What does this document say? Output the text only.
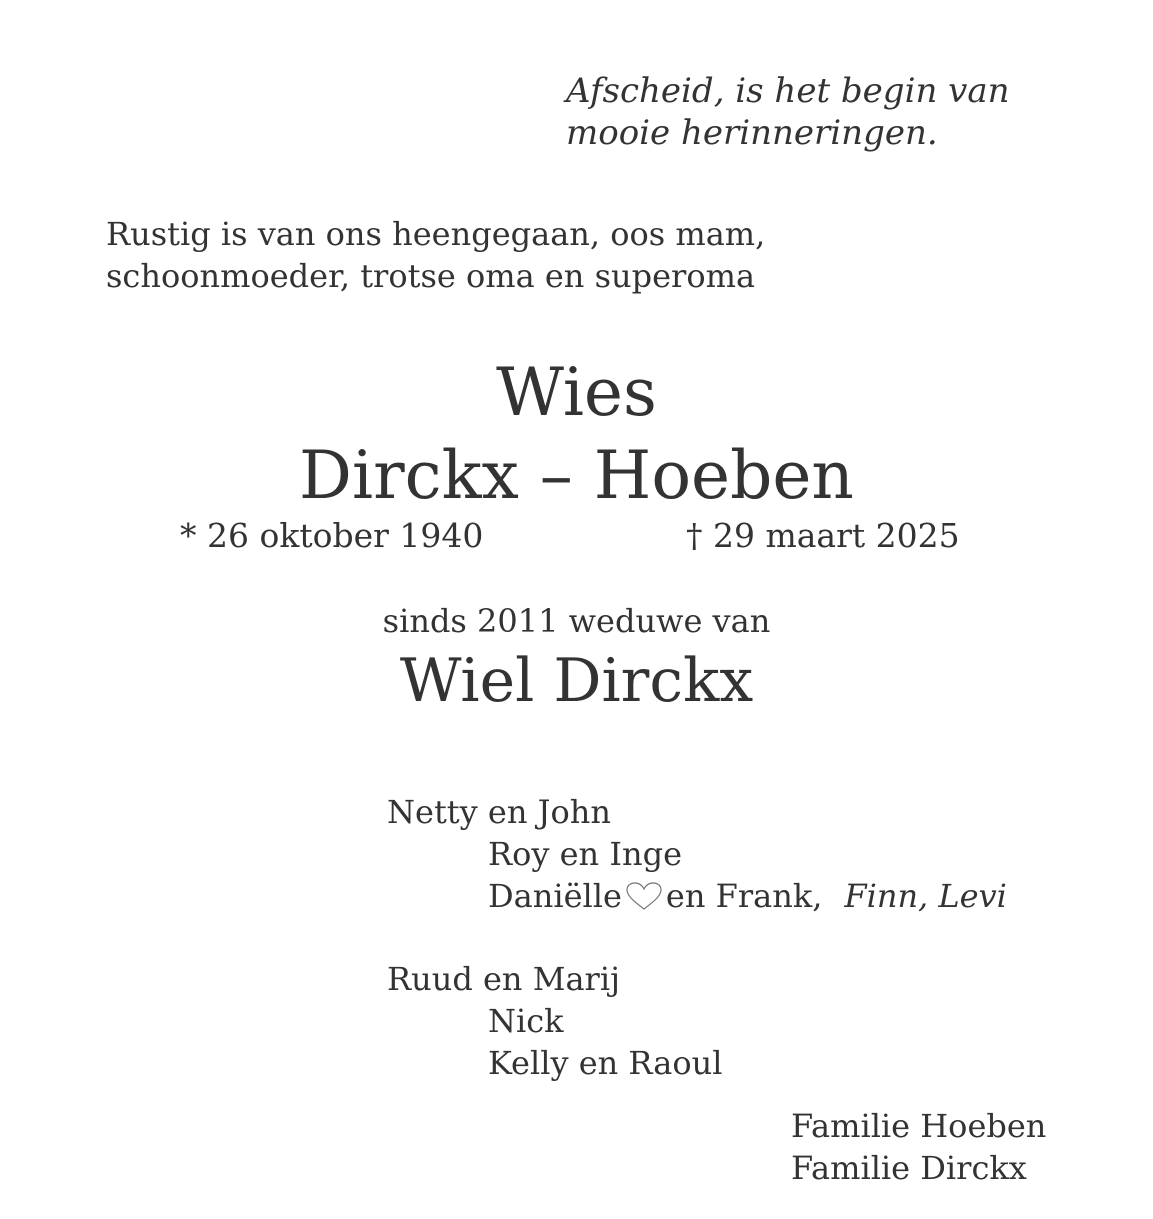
Afscheid, is het begin van
mooie herinneringen.
Rustig is van ons heengegaan, oos mam,
schoonmoeder, trotse oma en superoma
Wies
Dirckx – Hoeben
* 26 oktober 1940	† 29 maart 2025
sinds 2011 weduwe van
Wiel Dirckx
Netty en John
Roy en Inge
Daniëlle en Frank, Finn, Levi
Ruud en Marij
Nick
Kelly en Raoul
Familie Hoeben
Familie Dirckx
